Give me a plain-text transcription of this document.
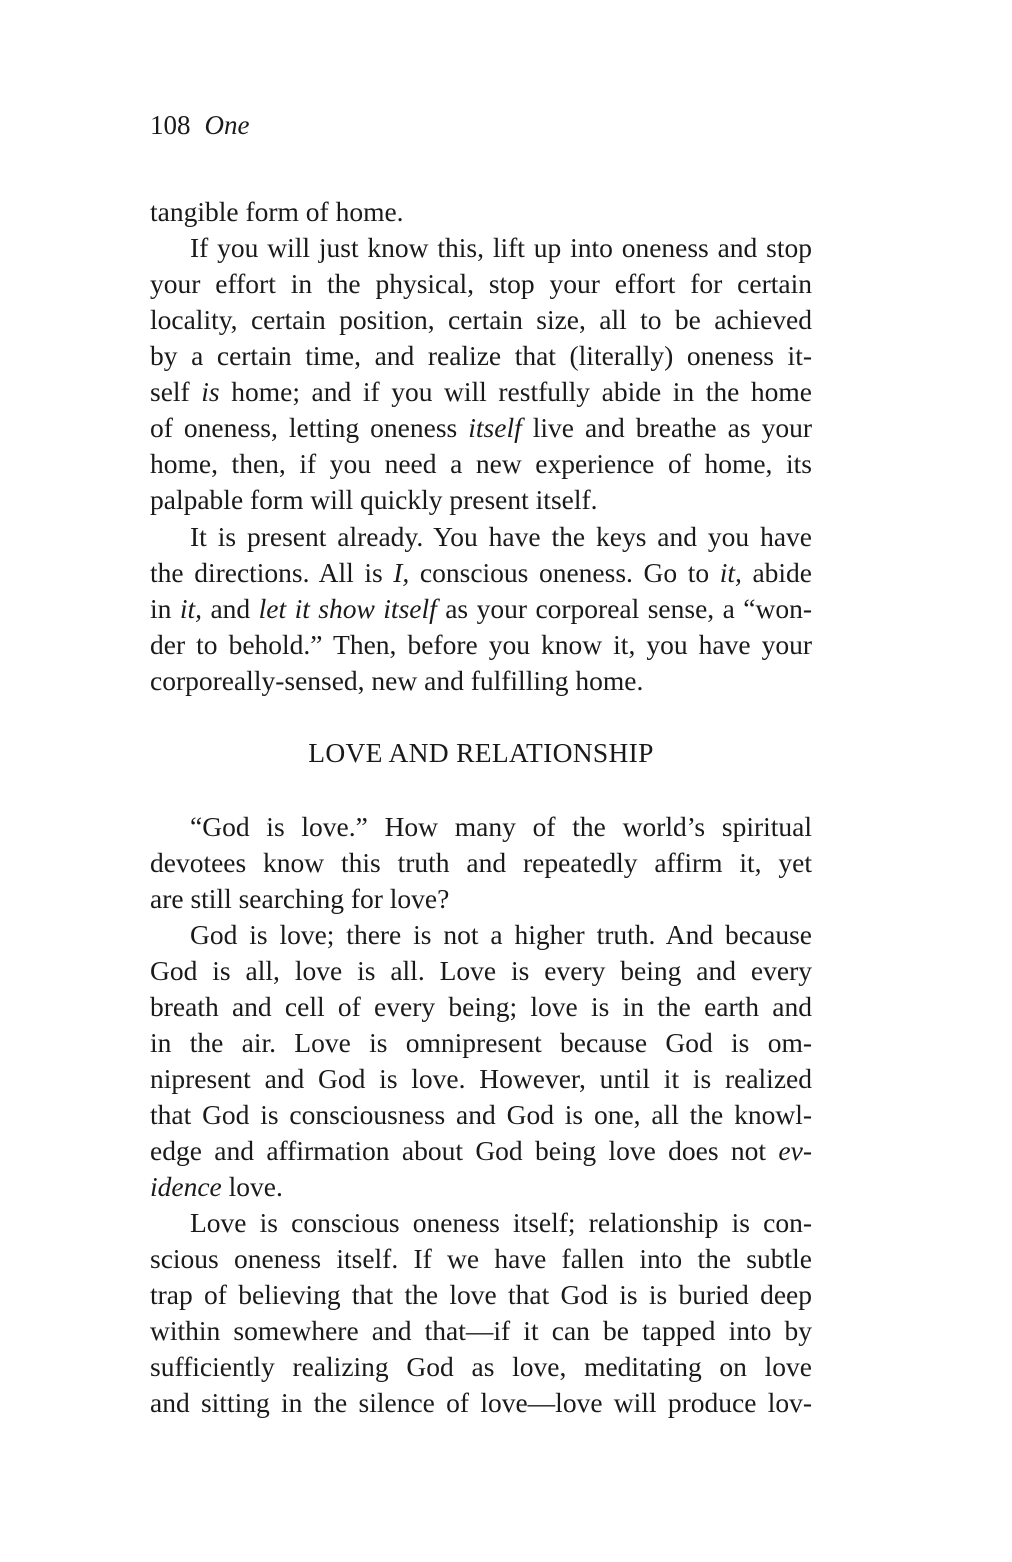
108 One
tangible form of home.
If you will just know this, lift up into oneness and stop
your effort in the physical, stop your effort for certain
locality, certain position, certain size, all to be achieved
by a certain time, and realize that (literally) oneness it-
self is home; and if you will restfully abide in the home
of oneness, letting oneness itself live and breathe as your
home, then, if you need a new experience of home, its
palpable form will quickly present itself.
It is present already. You have the keys and you have
the directions. All is I, conscious oneness. Go to it, abide
in it, and let it show itself as your corporeal sense, a “won-
der to behold.” Then, before you know it, you have your
corporeally-sensed, new and fulfilling home.
LOVE AND RELATIONSHIP
“God is love.” How many of the world’s spiritual
devotees know this truth and repeatedly affirm it, yet
are still searching for love?
God is love; there is not a higher truth. And because
God is all, love is all. Love is every being and every
breath and cell of every being; love is in the earth and
in the air. Love is omnipresent because God is om-
nipresent and God is love. However, until it is realized
that God is consciousness and God is one, all the knowl-
edge and affirmation about God being love does not ev-
idence love.
Love is conscious oneness itself; relationship is con-
scious oneness itself. If we have fallen into the subtle
trap of believing that the love that God is is buried deep
within somewhere and that—if it can be tapped into by
sufficiently realizing God as love, meditating on love
and sitting in the silence of love—love will produce lov-
